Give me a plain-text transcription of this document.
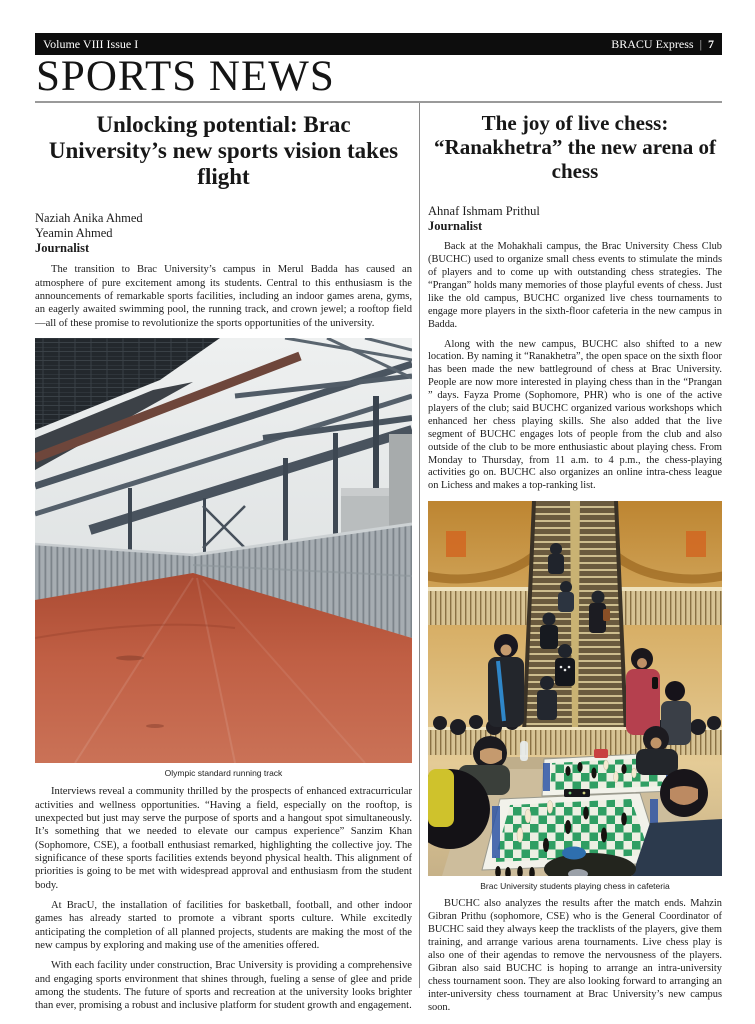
Volume VIII Issue I	BRACU Express | 7
SPORTS NEWS
Unlocking potential: Brac University’s new sports vision takes flight
Naziah Anika Ahmed
Yeamin Ahmed
Journalist

The transition to Brac University’s campus in Merul Badda has caused an atmosphere of pure excitement among its students. Central to this enthusiasm is the announcements of remarkable sports facilities, including an indoor games arena, gyms, an eagerly awaited swimming pool, the running track, and crown jewel; a rooftop field—all of these promise to revolutionize the sports opportunities of the university.

Olympic standard running track

Interviews reveal a community thrilled by the prospects of enhanced extracurricular activities and wellness opportunities. “Having a field, especially on the rooftop, is unexpected but just may serve the purpose of sports and a hangout spot simultaneously. It’s something that we needed to elevate our campus experience” Sanzim Khan (Sophomore, CSE), a football enthusiast remarked, highlighting the collective joy. The significance of these sports facilities extends beyond physical health. This alignment of priorities is going to be met with widespread approval and enthusiasm from the student body.

At BracU, the installation of facilities for basketball, football, and other indoor games has already started to promote a vibrant sports culture. While excitedly anticipating the completion of all planned projects, students are making the most of the new campus by exploring and making use of the amenities offered.

With each facility under construction, Brac University is providing a comprehensive and engaging sports environment that shines through, fueling a sense of glee and pride among the students. The future of sports and recreation at the university looks brighter than ever, promising a robust and inclusive platform for student growth and engagement.

The joy of live chess: “Ranakhetra” the new arena of chess
Ahnaf Ishmam Prithul
Journalist

Back at the Mohakhali campus, the Brac University Chess Club (BUCHC) used to organize small chess events to stimulate the minds of players and to come up with outstanding chess strategies. The “Prangan” holds many memories of those playful events of chess. Just like the old campus, BUCHC organized live chess tournaments to engage more players in the sixth-floor cafeteria in the new campus in Badda.

Along with the new campus, BUCHC also shifted to a new location. By naming it “Ranakhetra”, the open space on the sixth floor has been made the new battleground of chess at Brac University. People are now more interested in playing chess than in the “Prangan ” days. Fayza Prome (Sophomore, PHR) who is one of the active players of the club; said BUCHC organized various workshops which enhanced her chess playing skills. She also added that the live segment of BUCHC engages lots of people from the club and also outside of the club to be more enthusiastic about playing chess. From Monday to Thursday, from 11 a.m. to 4 p.m., the chess-playing activities go on. BUCHC also organizes an online intra-chess league on Lichess and makes a top-ranking list.

Brac University students playing chess in cafeteria

BUCHC also analyzes the results after the match ends. Mahzin Gibran Prithu (sophomore, CSE) who is the General Coordinator of BUCHC said they always keep the tracklists of the players, give them training, and arrange various arena tournaments. Live chess play is also one of their agendas to remove the nervousness of the players. Gibran also said BUCHC is hoping to arrange an intra-university chess tournament soon. They are also looking forward to arranging an inter-university chess tournament at Brac University’s new campus soon.
